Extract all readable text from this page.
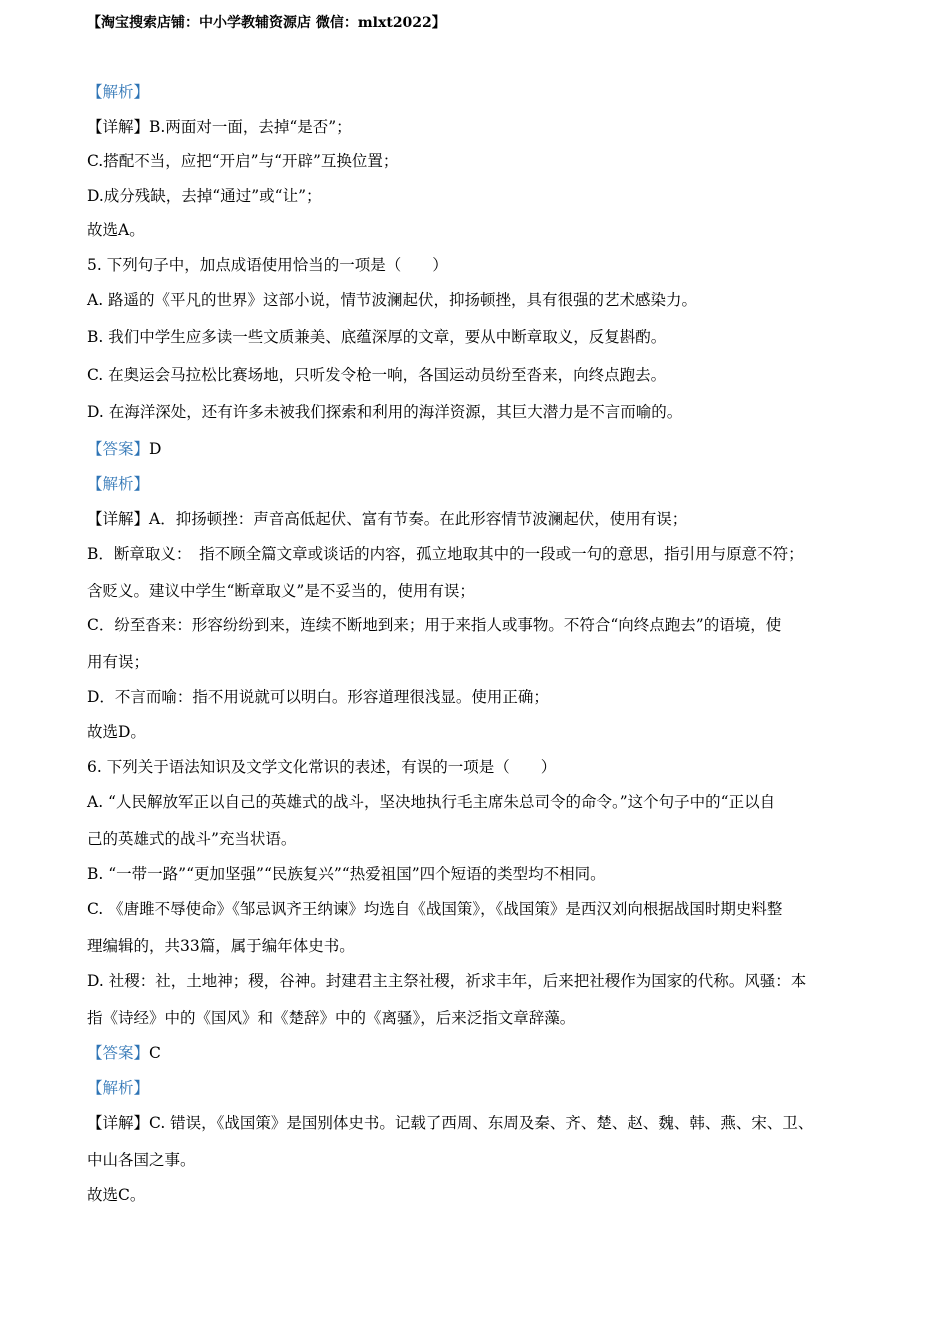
【淘宝搜索店铺：中小学教辅资源店 微信：mlxt2022】
【解析】
【详解】B.两面对一面，去掉“是否”；
C.搭配不当，应把“开启”与“开辟”互换位置；
D.成分残缺，去掉“通过”或“让”；
故选A。
5. 下列句子中，加点成语使用恰当的一项是（　　）
A. 路遥的《平凡的世界》这部小说，情节波澜起伏，抑扬顿挫，具有很强的艺术感染力。
B. 我们中学生应多读一些文质兼美、底蕴深厚的文章，要从中断章取义，反复斟酌。
C. 在奥运会马拉松比赛场地，只听发令枪一响，各国运动员纷至沓来，向终点跑去。
D. 在海洋深处，还有许多未被我们探索和利用的海洋资源，其巨大潜力是不言而喻的。
【答案】D
【解析】
【详解】A．抑扬顿挫：声音高低起伏、富有节奏。在此形容情节波澜起伏，使用有误；
B．断章取义：　指不顾全篇文章或谈话的内容，孤立地取其中的一段或一句的意思，指引用与原意不符；
含贬义。建议中学生“断章取义”是不妥当的，使用有误；
C．纷至沓来：形容纷纷到来，连续不断地到来；用于来指人或事物。不符合“向终点跑去”的语境，使
用有误；
D．不言而喻：指不用说就可以明白。形容道理很浅显。使用正确；
故选D。
6. 下列关于语法知识及文学文化常识的表述，有误的一项是（　　）
A. “人民解放军正以自己的英雄式的战斗，坚决地执行毛主席朱总司令的命令。”这个句子中的“正以自
己的英雄式的战斗”充当状语。
B. “一带一路”“更加坚强”“民族复兴”“热爱祖国”四个短语的类型均不相同。
C. 《唐雎不辱使命》《邹忌讽齐王纳谏》均选自《战国策》，《战国策》是西汉刘向根据战国时期史料整
理编辑的，共33篇，属于编年体史书。
D. 社稷：社，土地神；稷，谷神。封建君主主祭社稷，祈求丰年，后来把社稷作为国家的代称。风骚：本
指《诗经》中的《国风》和《楚辞》中的《离骚》，后来泛指文章辞藻。
【答案】C
【解析】
【详解】C. 错误，《战国策》是国别体史书。记载了西周、东周及秦、齐、楚、赵、魏、韩、燕、宋、卫、
中山各国之事。
故选C。
